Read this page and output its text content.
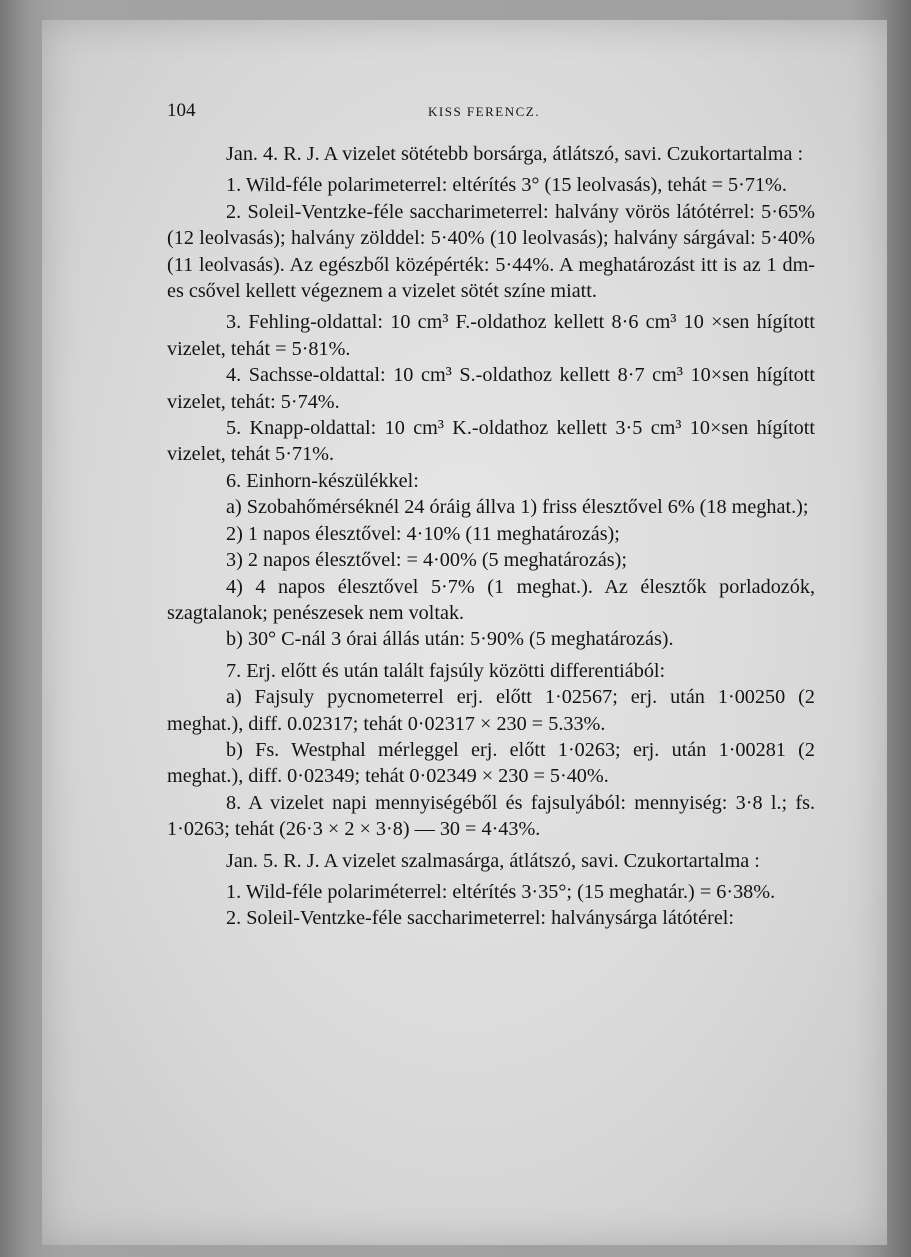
104	KISS FERENCZ.

Jan. 4. R. J. A vizelet sötétebb borsárga, átlátszó, savi. Czukortartalma :

1. Wild-féle polarimeterrel: eltérítés 3° (15 leolvasás), tehát = 5·71%.

2. Soleil-Ventzke-féle saccharimeterrel: halvány vörös látótérrel: 5·65% (12 leolvasás); halvány zölddel: 5·40% (10 leolvasás); halvány sárgával: 5·40% (11 leolvasás). Az egészből középérték: 5·44%. A meghatározást itt is az 1 dm-es csővel kellett végeznem a vizelet sötét színe miatt.

3. Fehling-oldattal: 10 cm³ F.-oldathoz kellett 8·6 cm³ 10 ×sen hígított vizelet, tehát = 5·81%.

4. Sachsse-oldattal: 10 cm³ S.-oldathoz kellett 8·7 cm³ 10×sen hígított vizelet, tehát: 5·74%.

5. Knapp-oldattal: 10 cm³ K.-oldathoz kellett 3·5 cm³ 10×sen hígított vizelet, tehát 5·71%.

6. Einhorn-készülékkel:

a) Szobahőmérséknél 24 óráig állva 1) friss élesztővel 6% (18 meghat.);

2) 1 napos élesztővel: 4·10% (11 meghatározás);

3) 2 napos élesztővel: = 4·00% (5 meghatározás);

4) 4 napos élesztővel 5·7% (1 meghat.). Az élesztők porladozók, szagtalanok; penészesek nem voltak.

b) 30° C-nál 3 órai állás után: 5·90% (5 meghatározás).

7. Erj. előtt és után talált fajsúly közötti differentiából:

a) Fajsuly pycnometerrel erj. előtt 1·02567; erj. után 1·00250 (2 meghat.), diff. 0.02317; tehát 0·02317 × 230 = 5.33%.

b) Fs. Westphal mérleggel erj. előtt 1·0263; erj. után 1·00281 (2 meghat.), diff. 0·02349; tehát 0·02349 × 230 = 5·40%.

8. A vizelet napi mennyiségéből és fajsulyából: mennyiség: 3·8 l.; fs. 1·0263; tehát (26·3 × 2 × 3·8) — 30 = 4·43%.

Jan. 5. R. J. A vizelet szalmasárga, átlátszó, savi. Czukortartalma :

1. Wild-féle polariméterrel: eltérítés 3·35°; (15 meghatár.) = 6·38%.

2. Soleil-Ventzke-féle saccharimeterrel: halványsárga látótérel:
